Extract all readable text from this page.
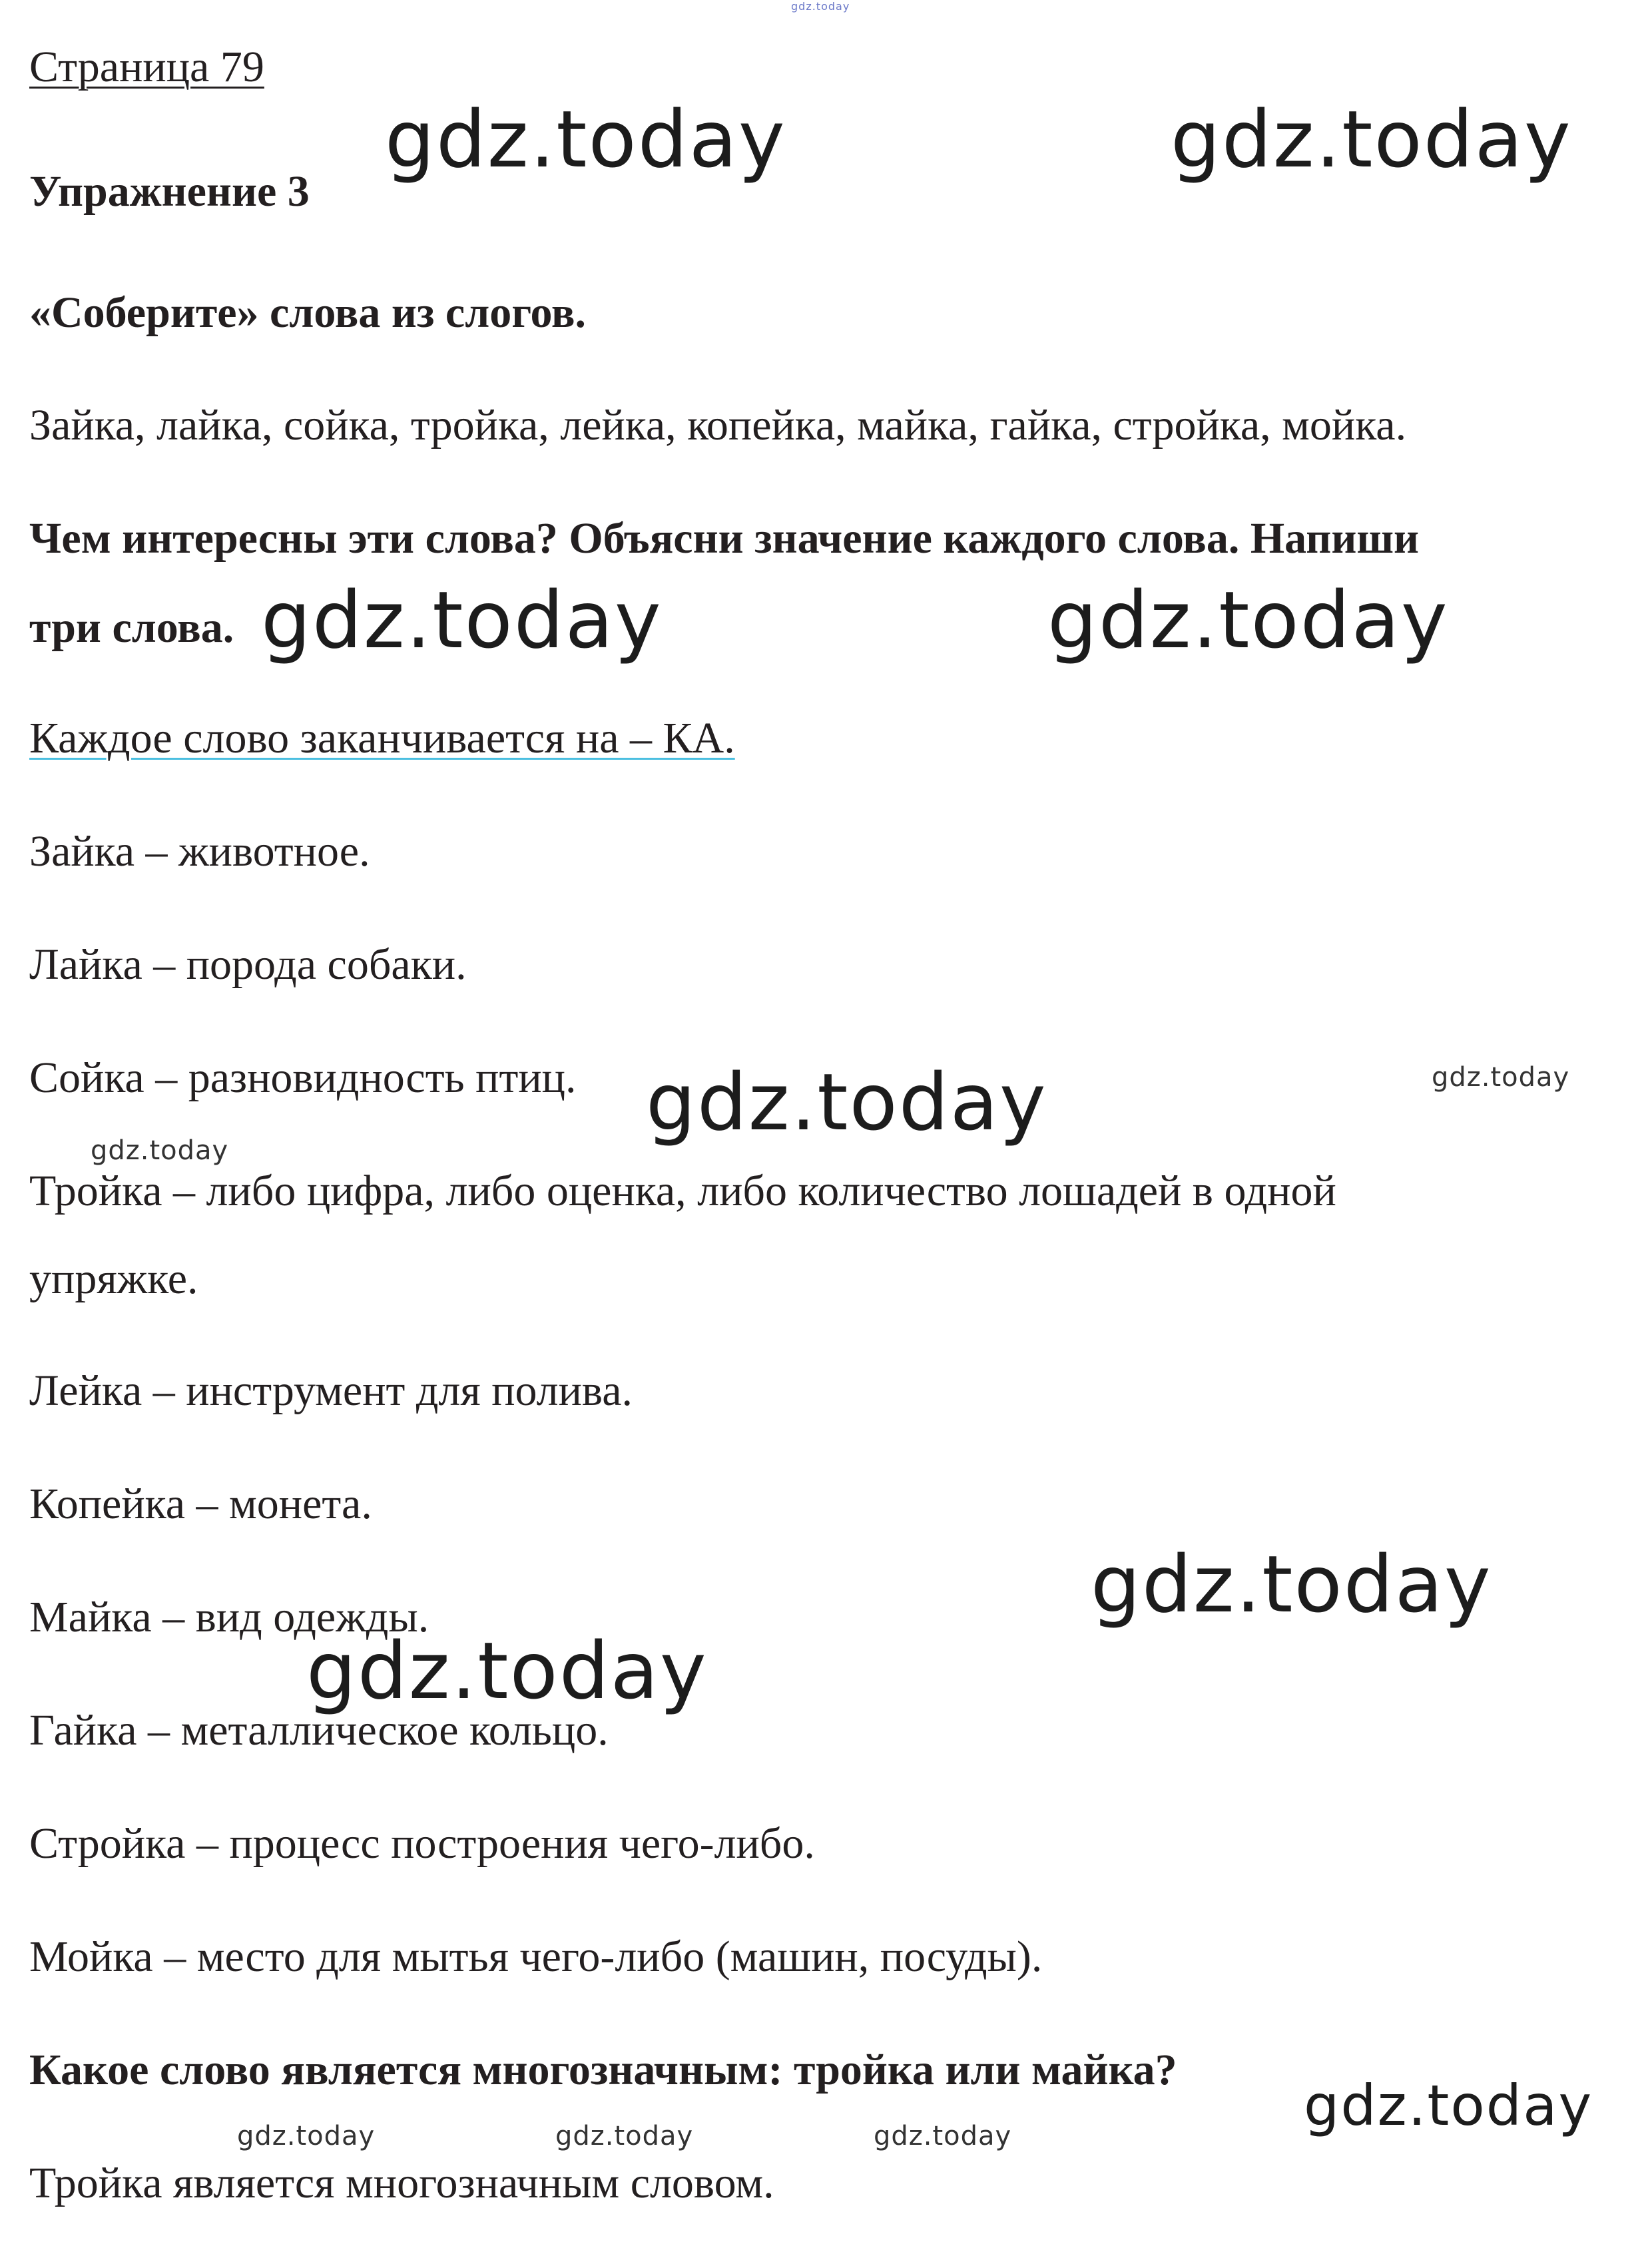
Страница 79
Упражнение 3
«Соберите» слова из слогов.
Зайка, лайка, сойка, тройка, лейка, копейка, майка, гайка, стройка, мойка.
Чем интересны эти слова? Объясни значение каждого слова. Напиши
три слова.
Каждое слово заканчивается на – КА.
Зайка – животное.
Лайка – порода собаки.
Сойка – разновидность птиц.
Тройка – либо цифра, либо оценка, либо количество лошадей в одной
упряжке.
Лейка – инструмент для полива.
Копейка – монета.
Майка – вид одежды.
Гайка – металлическое кольцо.
Стройка – процесс построения чего-либо.
Мойка – место для мытья чего-либо (машин, посуды).
Какое слово является многозначным: тройка или майка?
Тройка является многозначным словом.
gdz.today
gdz.today	gdz.today
gdz.today	gdz.today
gdz.today
gdz.today
gdz.today
gdz.today
gdz.today
gdz.today
gdz.today	gdz.today	gdz.today
